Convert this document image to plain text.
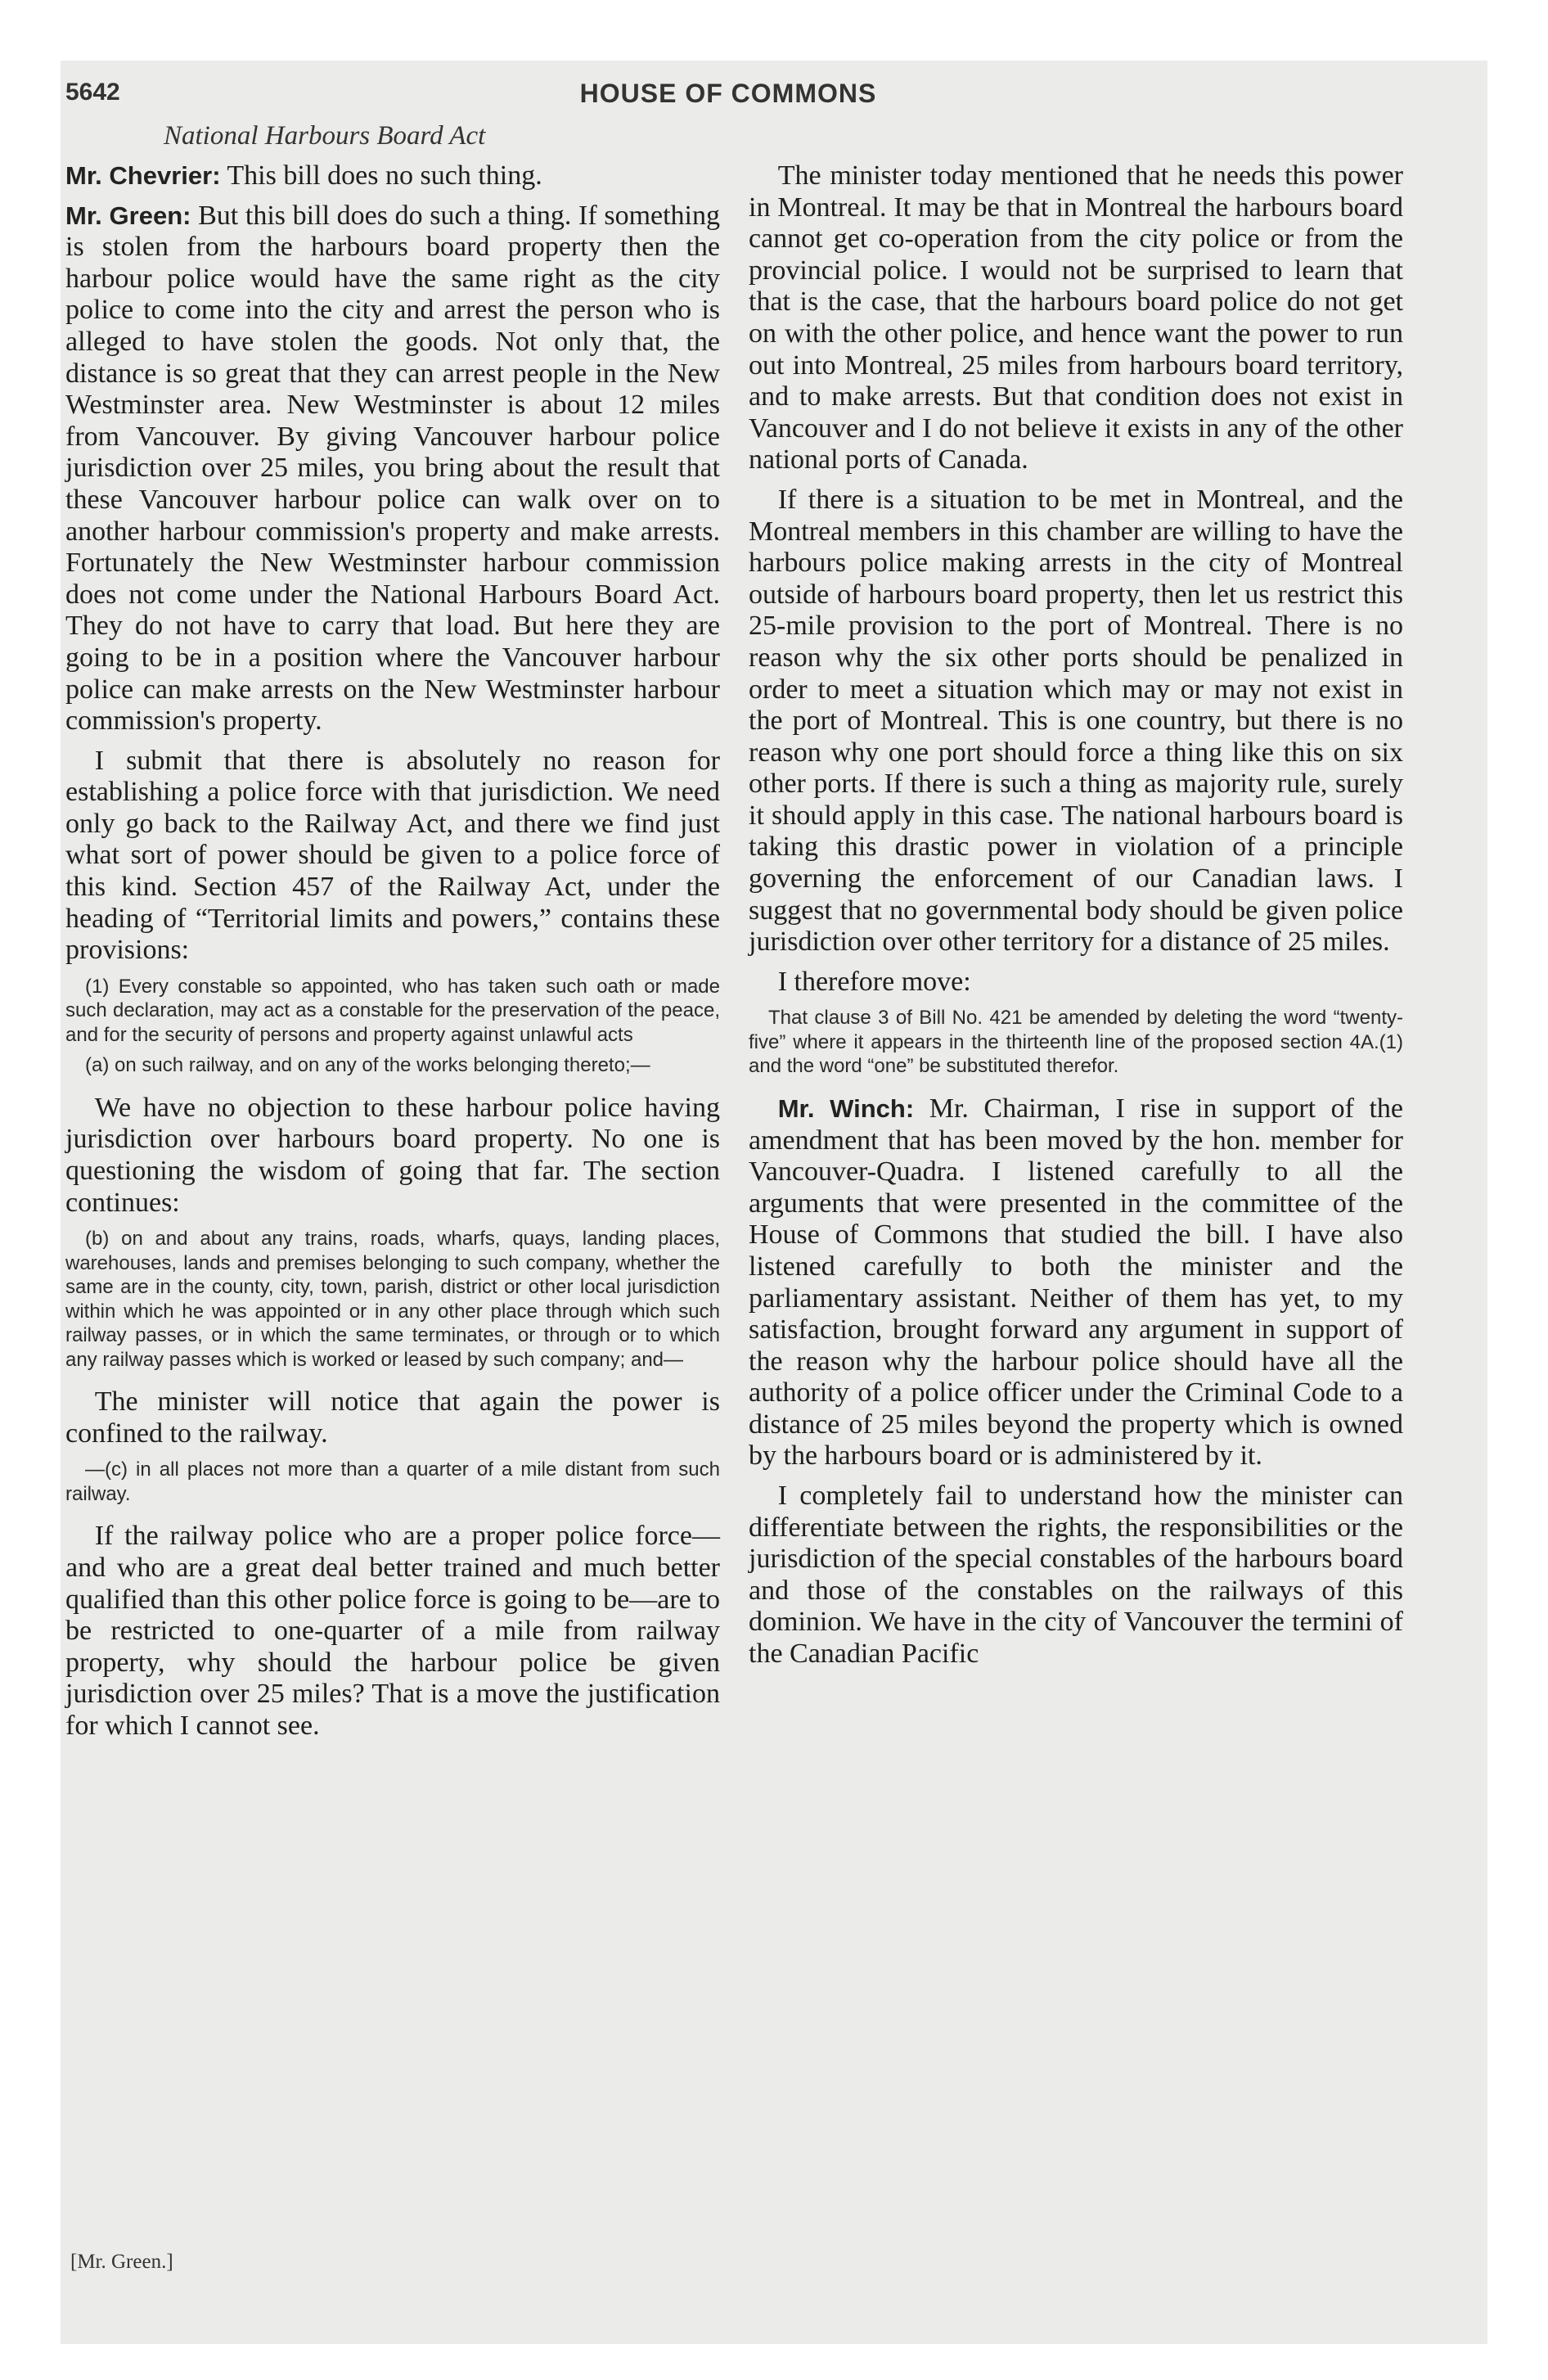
5642	HOUSE OF COMMONS
National Harbours Board Act

Mr. Chevrier: This bill does no such thing.

Mr. Green: But this bill does do such a thing. If something is stolen from the harbours board property then the harbour police would have the same right as the city police to come into the city and arrest the person who is alleged to have stolen the goods. Not only that, the distance is so great that they can arrest people in the New Westminster area. New Westminster is about 12 miles from Vancouver. By giving Vancouver harbour police jurisdiction over 25 miles, you bring about the result that these Vancouver harbour police can walk over on to another harbour commission's property and make arrests. Fortunately the New Westminster harbour commission does not come under the National Harbours Board Act. They do not have to carry that load. But here they are going to be in a position where the Vancouver harbour police can make arrests on the New Westminster harbour commission's property.

I submit that there is absolutely no reason for establishing a police force with that jurisdiction. We need only go back to the Railway Act, and there we find just what sort of power should be given to a police force of this kind. Section 457 of the Railway Act, under the heading of “Territorial limits and powers,” contains these provisions:

(1) Every constable so appointed, who has taken such oath or made such declaration, may act as a constable for the preservation of the peace, and for the security of persons and property against unlawful acts

(a) on such railway, and on any of the works belonging thereto;—

We have no objection to these harbour police having jurisdiction over harbours board property. No one is questioning the wisdom of going that far. The section continues:

(b) on and about any trains, roads, wharfs, quays, landing places, warehouses, lands and premises belonging to such company, whether the same are in the county, city, town, parish, district or other local jurisdiction within which he was appointed or in any other place through which such railway passes, or in which the same terminates, or through or to which any railway passes which is worked or leased by such company; and—

The minister will notice that again the power is confined to the railway.

—(c) in all places not more than a quarter of a mile distant from such railway.

If the railway police who are a proper police force—and who are a great deal better trained and much better qualified than this other police force is going to be—are to be restricted to one-quarter of a mile from railway property, why should the harbour police be given jurisdiction over 25 miles? That is a move the justification for which I cannot see.

The minister today mentioned that he needs this power in Montreal. It may be that in Montreal the harbours board cannot get co-operation from the city police or from the provincial police. I would not be surprised to learn that that is the case, that the harbours board police do not get on with the other police, and hence want the power to run out into Montreal, 25 miles from harbours board territory, and to make arrests. But that condition does not exist in Vancouver and I do not believe it exists in any of the other national ports of Canada.

If there is a situation to be met in Montreal, and the Montreal members in this chamber are willing to have the harbours police making arrests in the city of Montreal outside of harbours board property, then let us restrict this 25-mile provision to the port of Montreal. There is no reason why the six other ports should be penalized in order to meet a situation which may or may not exist in the port of Montreal. This is one country, but there is no reason why one port should force a thing like this on six other ports. If there is such a thing as majority rule, surely it should apply in this case. The national harbours board is taking this drastic power in violation of a principle governing the enforcement of our Canadian laws. I suggest that no governmental body should be given police jurisdiction over other territory for a distance of 25 miles.

I therefore move:

That clause 3 of Bill No. 421 be amended by deleting the word “twenty-five” where it appears in the thirteenth line of the proposed section 4A.(1) and the word “one” be substituted therefor.

Mr. Winch: Mr. Chairman, I rise in support of the amendment that has been moved by the hon. member for Vancouver-Quadra. I listened carefully to all the arguments that were presented in the committee of the House of Commons that studied the bill. I have also listened carefully to both the minister and the parliamentary assistant. Neither of them has yet, to my satisfaction, brought forward any argument in support of the reason why the harbour police should have all the authority of a police officer under the Criminal Code to a distance of 25 miles beyond the property which is owned by the harbours board or is administered by it.

I completely fail to understand how the minister can differentiate between the rights, the responsibilities or the jurisdiction of the special constables of the harbours board and those of the constables on the railways of this dominion. We have in the city of Vancouver the termini of the Canadian Pacific

[Mr. Green.]
